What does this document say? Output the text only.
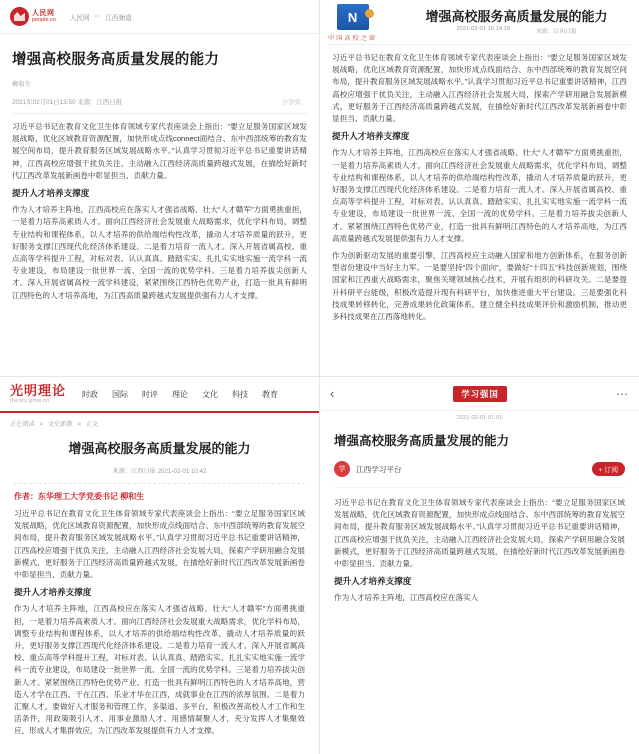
人民网
people.cn 人民网 >> 江西频道
增强高校服务高质量发展的能力
柳和生
2021年02月01日13:50 来源：江西日报	分享到：

习近平总书记在教育文化卫生体育领域专家代表座谈会上指出：“要立足服务国家区域发展战略，优化区域教育资源配置，加快形成点线connect面结合、东中西部统筹的教育发展空间布局，提升教育服务区域发展战略水平。”认真学习贯彻习近平总书记重要讲话精神，江西高校应增强干扰负关注、主动融入江西经济高质量跨越式发展，在描绘好新时代江西改革发展新画卷中彰显担当、贡献力量。

提升人才培养支撑度

作为人才培养主阵地，江西高校应在落实人才强省战略、壮大“人才赣军”方面勇挑重担，一是着力培养高素质人才。面向江西经济社会发展重大战略需求，优化学科布局，调整专业结构和课程体系，以人才培养的供给端结构性改革，撬动人才培养质量的跃升，更好服务支撑江西现代化经济体系建设。二是着力培育一流人才。深入开展省属高校、重点高等学科提升工程，对标对表、认认真真、踏踏实实、扎扎实实地实施一流学科一流专业建设，布局建设一批世界一流、全国一流的优势学科。三是着力培养拔尖创新人才。深入开展省属高校一流学科建设，紧紧围绕江西特色优势产业，打造一批具有鲜明江西特色的人才培养高地，为江西高质量跨越式发展提供强有力人才支撑。

N
中国高校之窗
增强高校服务高质量发展的能力
2021-02-01 16:14:18	来源：江西日报

习近平总书记在教育文化卫生体育领域专家代表座谈会上指出：“要立足服务国家区域发展战略，优化区域教育资源配置，加快形成点线面结合、东中西部统筹的教育发展空间布局，提升教育服务区域发展战略水平。”认真学习贯彻习近平总书记重要讲话精神，江西高校应增强干扰负关注，主动融入江西经济社会发展大局，探索产学研用融合发展新模式，更好服务于江西经济高质量跨越式发展，在描绘好新时代江西改革发展新画卷中彰显担当、贡献力量。

提升人才培养支撑度

作为人才培养主阵地，江西高校应在落实人才强省战略、壮大“人才赣军”方面勇挑重担，一是着力培养高素质人才。面向江西经济社会发展重大战略需求，优化学科布局，调整专业结构和课程体系，以人才培养的供给端结构性改革，撬动人才培养质量的跃升，更好服务支撑江西现代化经济体系建设。二是着力培育一流人才。深入开展省属高校、重点高等学科提升工程，对标对表、认认真真、踏踏实实、扎扎实实地实施一流学科一流专业建设，布局建设一批世界一流、全国一流的优势学科。三是着力培养拔尖创新人才。紧紧围绕江西特色优势产业，打造一批具有鲜明江西特色的人才培养高地，为江西高质量跨越式发展提供强有力人才支撑。

作为创新驱动发展的重要引擎，江西高校应主动融入国家和地方创新体系，在服务创新型省份建设中当好主力军。一是要坚持“四个面向”，要做好“十四五”科技创新规划，围绕国家和江西重大战略需求，聚焦关键领域核心技术，开展有组织的科研攻关。二是要提升科研平台能级，积极改造提升现有科研平台，加快推进重大平台建设。三是要强化科技成果转移转化，完善成果转化政策体系，建立健全科技成果评价和激励机制，推动更多科技成果在江西落地转化。

光明理论
theory.gmw.cn
时政 国际 时评 理论 文化 科技 教育
正在阅读 > 文史新教 > 正文
增强高校服务高质量发展的能力
来源：江西日报 2021-02-01 10:42
作者：东华理工大学党委书记 柳和生

习近平总书记在教育文化卫生体育领域专家代表座谈会上指出：“要立足服务国家区域发展战略，优化区域教育资源配置，加快形成点线面结合、东中西部统筹的教育发展空间布局，提升教育服务区域发展战略水平。”认真学习贯彻习近平总书记重要讲话精神，江西高校应增强干扰负关注，主动融入江西经济社会发展大局，探索产学研用融合发展新模式，更好服务于江西经济高质量跨越式发展，在描绘好新时代江西改革发展新画卷中彰显担当、贡献力量。

提升人才培养支撑度

作为人才培养主阵地，江西高校应在落实人才强省战略、壮大“人才赣军”方面勇挑重担，一是着力培养高素质人才。面向江西经济社会发展重大战略需求，优化学科布局，调整专业结构和课程体系，以人才培养的供给端结构性改革，撬动人才培养质量的跃升，更好服务支撑江西现代化经济体系建设。二是着力培育一流人才。深入开展省属高校、重点高等学科提升工程，对标对表、认认真真、踏踏实实、扎扎实实地实施一流学科一流专业建设，布局建设一批世界一流、全国一流的优势学科。三是着力培养拔尖创新人才。紧紧围绕江西特色优势产业、打造一批具有鲜明江西特色的人才培养高地，营造人才学在江西、干在江西、乐业才华在江西，成就事业在江西的浓厚氛围。二是着力汇聚人才。要做好人才服务和管理工作，多渠道、多平台，积极改善高校人才工作和生活条件，用政策吸引人才、用事业激励人才、用感情凝聚人才，充分发挥人才集聚效应，形成人才集群效应，为江西改革发展提供有力人才支撑。

‹	学习强国	⋯
2021-02-01 01:01
增强高校服务高质量发展的能力
学	江西学习平台	+ 订阅

习近平总书记在教育文化卫生体育领域专家代表座谈会上指出：“要立足服务国家区域发展战略，优化区域教育资源配置，加快形成点线面结合、东中西部统筹的教育发展空间布局，提升教育服务区域发展战略水平。”认真学习贯彻习近平总书记重要讲话精神，江西高校应增强干扰负关注，主动融入江西经济社会发展大局，探索产学研用融合发展新模式，更好服务于江西经济高质量跨越式发展，在描绘好新时代江西改革发展新画卷中彰显担当、贡献力量。

提升人才培养支撑度

作为人才培养主阵地，江西高校应在落实人
